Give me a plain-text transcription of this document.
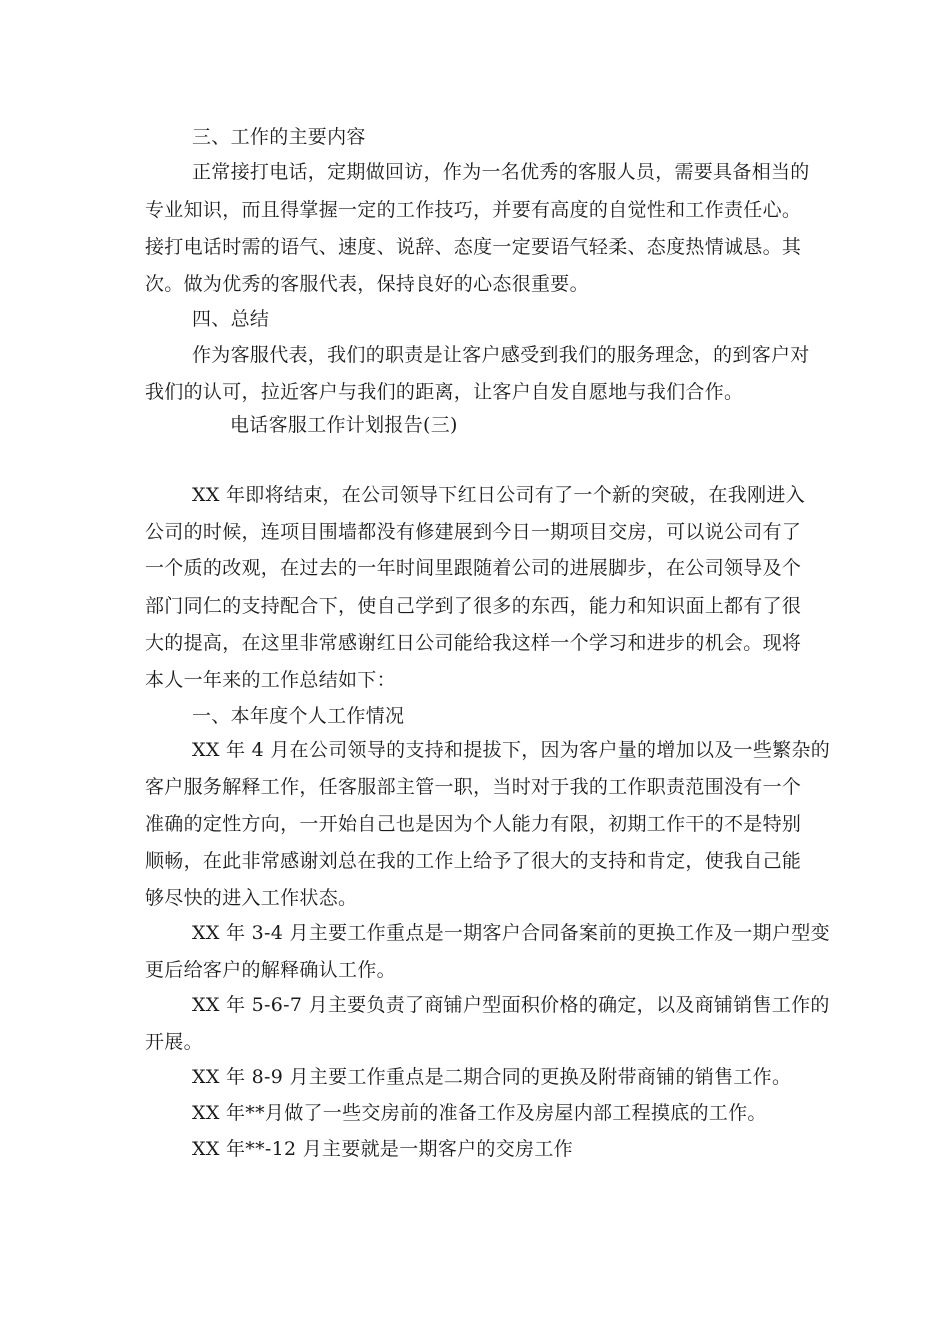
三、工作的主要内容
正常接打电话，定期做回访，作为一名优秀的客服人员，需要具备相当的
专业知识，而且得掌握一定的工作技巧，并要有高度的自觉性和工作责任心。
接打电话时需的语气、速度、说辞、态度一定要语气轻柔、态度热情诚恳。其
次。做为优秀的客服代表，保持良好的心态很重要。
四、总结
作为客服代表，我们的职责是让客户感受到我们的服务理念，的到客户对
我们的认可，拉近客户与我们的距离，让客户自发自愿地与我们合作。
电话客服工作计划报告(三)
XX 年即将结束，在公司领导下红日公司有了一个新的突破，在我刚进入
公司的时候，连项目围墙都没有修建展到今日一期项目交房，可以说公司有了
一个质的改观，在过去的一年时间里跟随着公司的进展脚步，在公司领导及个
部门同仁的支持配合下，使自己学到了很多的东西，能力和知识面上都有了很
大的提高，在这里非常感谢红日公司能给我这样一个学习和进步的机会。现将
本人一年来的工作总结如下：
一、本年度个人工作情况
XX 年 4 月在公司领导的支持和提拔下，因为客户量的增加以及一些繁杂的
客户服务解释工作，任客服部主管一职，当时对于我的工作职责范围没有一个
准确的定性方向，一开始自己也是因为个人能力有限，初期工作干的不是特别
顺畅，在此非常感谢刘总在我的工作上给予了很大的支持和肯定，使我自己能
够尽快的进入工作状态。
XX 年 3-4 月主要工作重点是一期客户合同备案前的更换工作及一期户型变
更后给客户的解释确认工作。
XX 年 5-6-7 月主要负责了商铺户型面积价格的确定，以及商铺销售工作的
开展。
XX 年 8-9 月主要工作重点是二期合同的更换及附带商铺的销售工作。
XX 年**月做了一些交房前的准备工作及房屋内部工程摸底的工作。
XX 年**-12 月主要就是一期客户的交房工作
